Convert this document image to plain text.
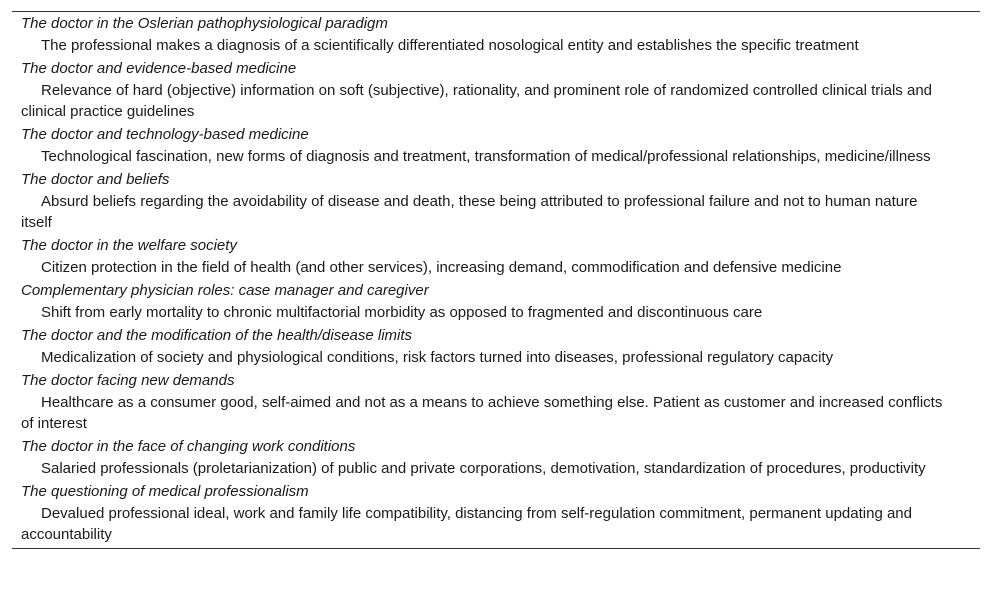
The doctor in the Oslerian pathophysiological paradigm
The professional makes a diagnosis of a scientifically differentiated nosological entity and establishes the specific treatment
The doctor and evidence-based medicine
Relevance of hard (objective) information on soft (subjective), rationality, and prominent role of randomized controlled clinical trials and clinical practice guidelines
The doctor and technology-based medicine
Technological fascination, new forms of diagnosis and treatment, transformation of medical/professional relationships, medicine/illness
The doctor and beliefs
Absurd beliefs regarding the avoidability of disease and death, these being attributed to professional failure and not to human nature itself
The doctor in the welfare society
Citizen protection in the field of health (and other services), increasing demand, commodification and defensive medicine
Complementary physician roles: case manager and caregiver
Shift from early mortality to chronic multifactorial morbidity as opposed to fragmented and discontinuous care
The doctor and the modification of the health/disease limits
Medicalization of society and physiological conditions, risk factors turned into diseases, professional regulatory capacity
The doctor facing new demands
Healthcare as a consumer good, self-aimed and not as a means to achieve something else. Patient as customer and increased conflicts of interest
The doctor in the face of changing work conditions
Salaried professionals (proletarianization) of public and private corporations, demotivation, standardization of procedures, productivity
The questioning of medical professionalism
Devalued professional ideal, work and family life compatibility, distancing from self-regulation commitment, permanent updating and accountability
